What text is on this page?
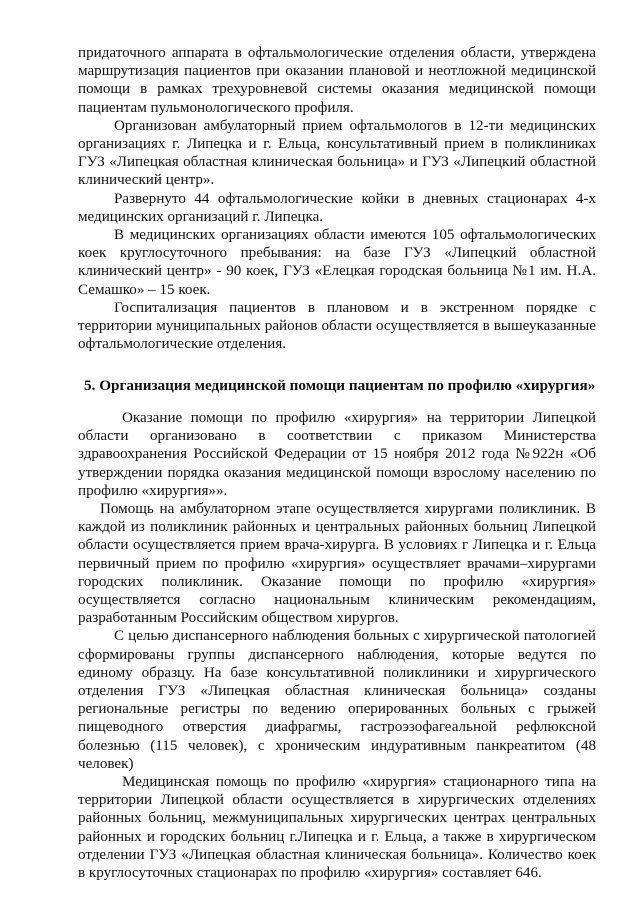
придаточного аппарата в офтальмологические отделения области, утверждена маршрутизация пациентов при оказании плановой и неотложной медицинской помощи в рамках трехуровневой системы оказания медицинской помощи пациентам пульмонологического профиля.

Организован амбулаторный прием офтальмологов в 12-ти медицинских организациях г. Липецка и г. Ельца, консультативный прием в поликлиниках ГУЗ «Липецкая областная клиническая больница» и ГУЗ «Липецкий областной клинический центр».

Развернуто 44 офтальмологические койки в дневных стационарах 4-х медицинских организаций г. Липецка.

В медицинских организациях области имеются 105 офтальмологических коек круглосуточного пребывания: на базе ГУЗ «Липецкий областной клинический центр» - 90 коек, ГУЗ «Елецкая городская больница №1 им. Н.А. Семашко» – 15 коек.

Госпитализация пациентов в плановом и в экстренном порядке с территории муниципальных районов области осуществляется в вышеуказанные офтальмологические отделения.

5. Организация медицинской помощи пациентам по профилю «хирургия»

Оказание помощи по профилю «хирургия» на территории Липецкой области организовано в соответствии с приказом Министерства здравоохранения Российской Федерации от 15 ноября 2012 года №922н «Об утверждении порядка оказания медицинской помощи взрослому населению по профилю «хирургия»».

Помощь на амбулаторном этапе осуществляется хирургами поликлиник. В каждой из поликлиник районных и центральных районных больниц Липецкой области осуществляется прием врача-хирурга. В условиях г Липецка и г. Ельца первичный прием по профилю «хирургия» осуществляет врачами–хирургами городских поликлиник. Оказание помощи по профилю «хирургия» осуществляется согласно национальным клиническим рекомендациям, разработанным Российским обществом хирургов.

С целью диспансерного наблюдения больных с хирургической патологией сформированы группы диспансерного наблюдения, которые ведутся по единому образцу. На базе консультативной поликлиники и хирургического отделения ГУЗ «Липецкая областная клиническая больница» созданы региональные регистры по ведению оперированных больных с грыжей пищеводного отверстия диафрагмы, гастроэзофагеальной рефлюксной болезнью (115 человек), с хроническим индуративным панкреатитом (48 человек)

Медицинская помощь по профилю «хирургия» стационарного типа на территории Липецкой области осуществляется в хирургических отделениях районных больниц, межмуниципальных хирургических центрах центральных районных и городских больниц г.Липецка и г. Ельца, а также в хирургическом отделении ГУЗ «Липецкая областная клиническая больница». Количество коек в круглосуточных стационарах по профилю «хирургия» составляет 646.
